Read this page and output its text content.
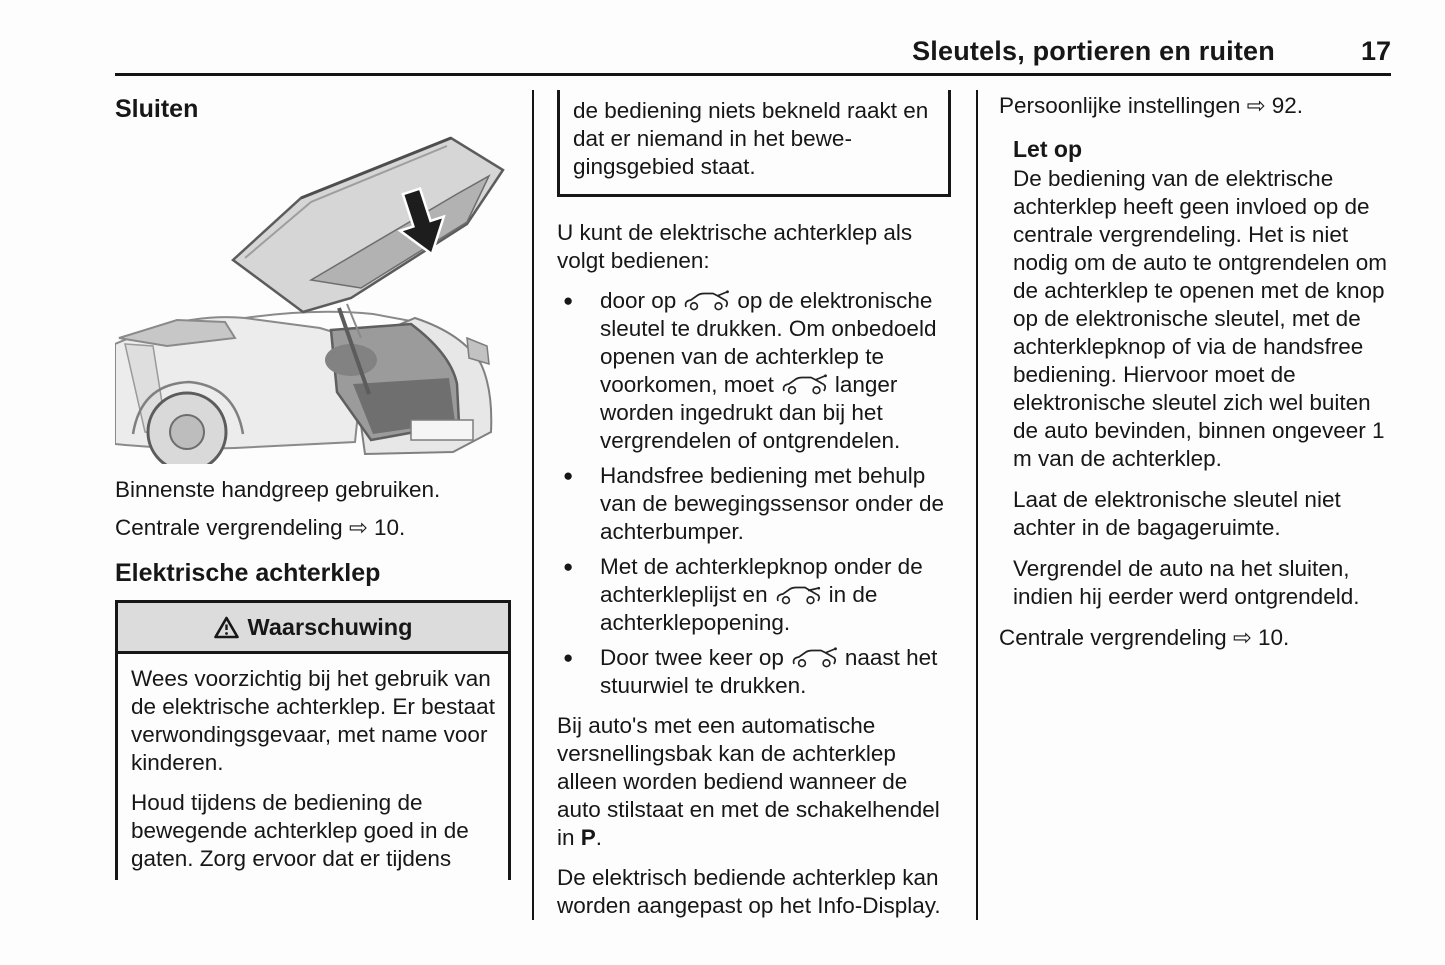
Sleutels, portieren en ruiten	17
Sluiten

Binnenste handgreep gebruiken.

Centrale vergrendeling ⇨ 10.

Elektrische achterklep
Waarschuwing

Wees voorzichtig bij het gebruik van de elektrische achterklep. Er bestaat verwondingsgevaar, met name voor kinderen.

Houd tijdens de bediening de bewegende achterklep goed in de gaten. Zorg ervoor dat er tijdens

de bediening niets bekneld raakt en dat er niemand in het bewegingsgebied staat.

U kunt de elektrische achterklep als volgt bedienen:

● door op	op de elektronische sleutel te drukken. Om onbedoeld openen van de achterklep te voorkomen, moet	langer worden ingedrukt dan bij het vergrendelen of ontgrendelen.
● Handsfree bediening met behulp van de bewegingssensor onder de achterbumper.
● Met de achterklepknop onder de achterkleplijst en	in de achterklepopening.
● Door twee keer op	naast het stuurwiel te drukken.

Bij auto's met een automatische versnellingsbak kan de achterklep alleen worden bediend wanneer de auto stilstaat en met de schakelhendel in P.

De elektrisch bediende achterklep kan worden aangepast op het Info-Display.

Persoonlijke instellingen ⇨ 92.

Let op

De bediening van de elektrische achterklep heeft geen invloed op de centrale vergrendeling. Het is niet nodig om de auto te ontgrendelen om de achterklep te openen met de knop op de elektronische sleutel, met de achterklepknop of via de handsfree bediening. Hiervoor moet de elektronische sleutel zich wel buiten de auto bevinden, binnen ongeveer 1 m van de achterklep.

Laat de elektronische sleutel niet achter in de bagageruimte.

Vergrendel de auto na het sluiten, indien hij eerder werd ontgrendeld.

Centrale vergrendeling ⇨ 10.
